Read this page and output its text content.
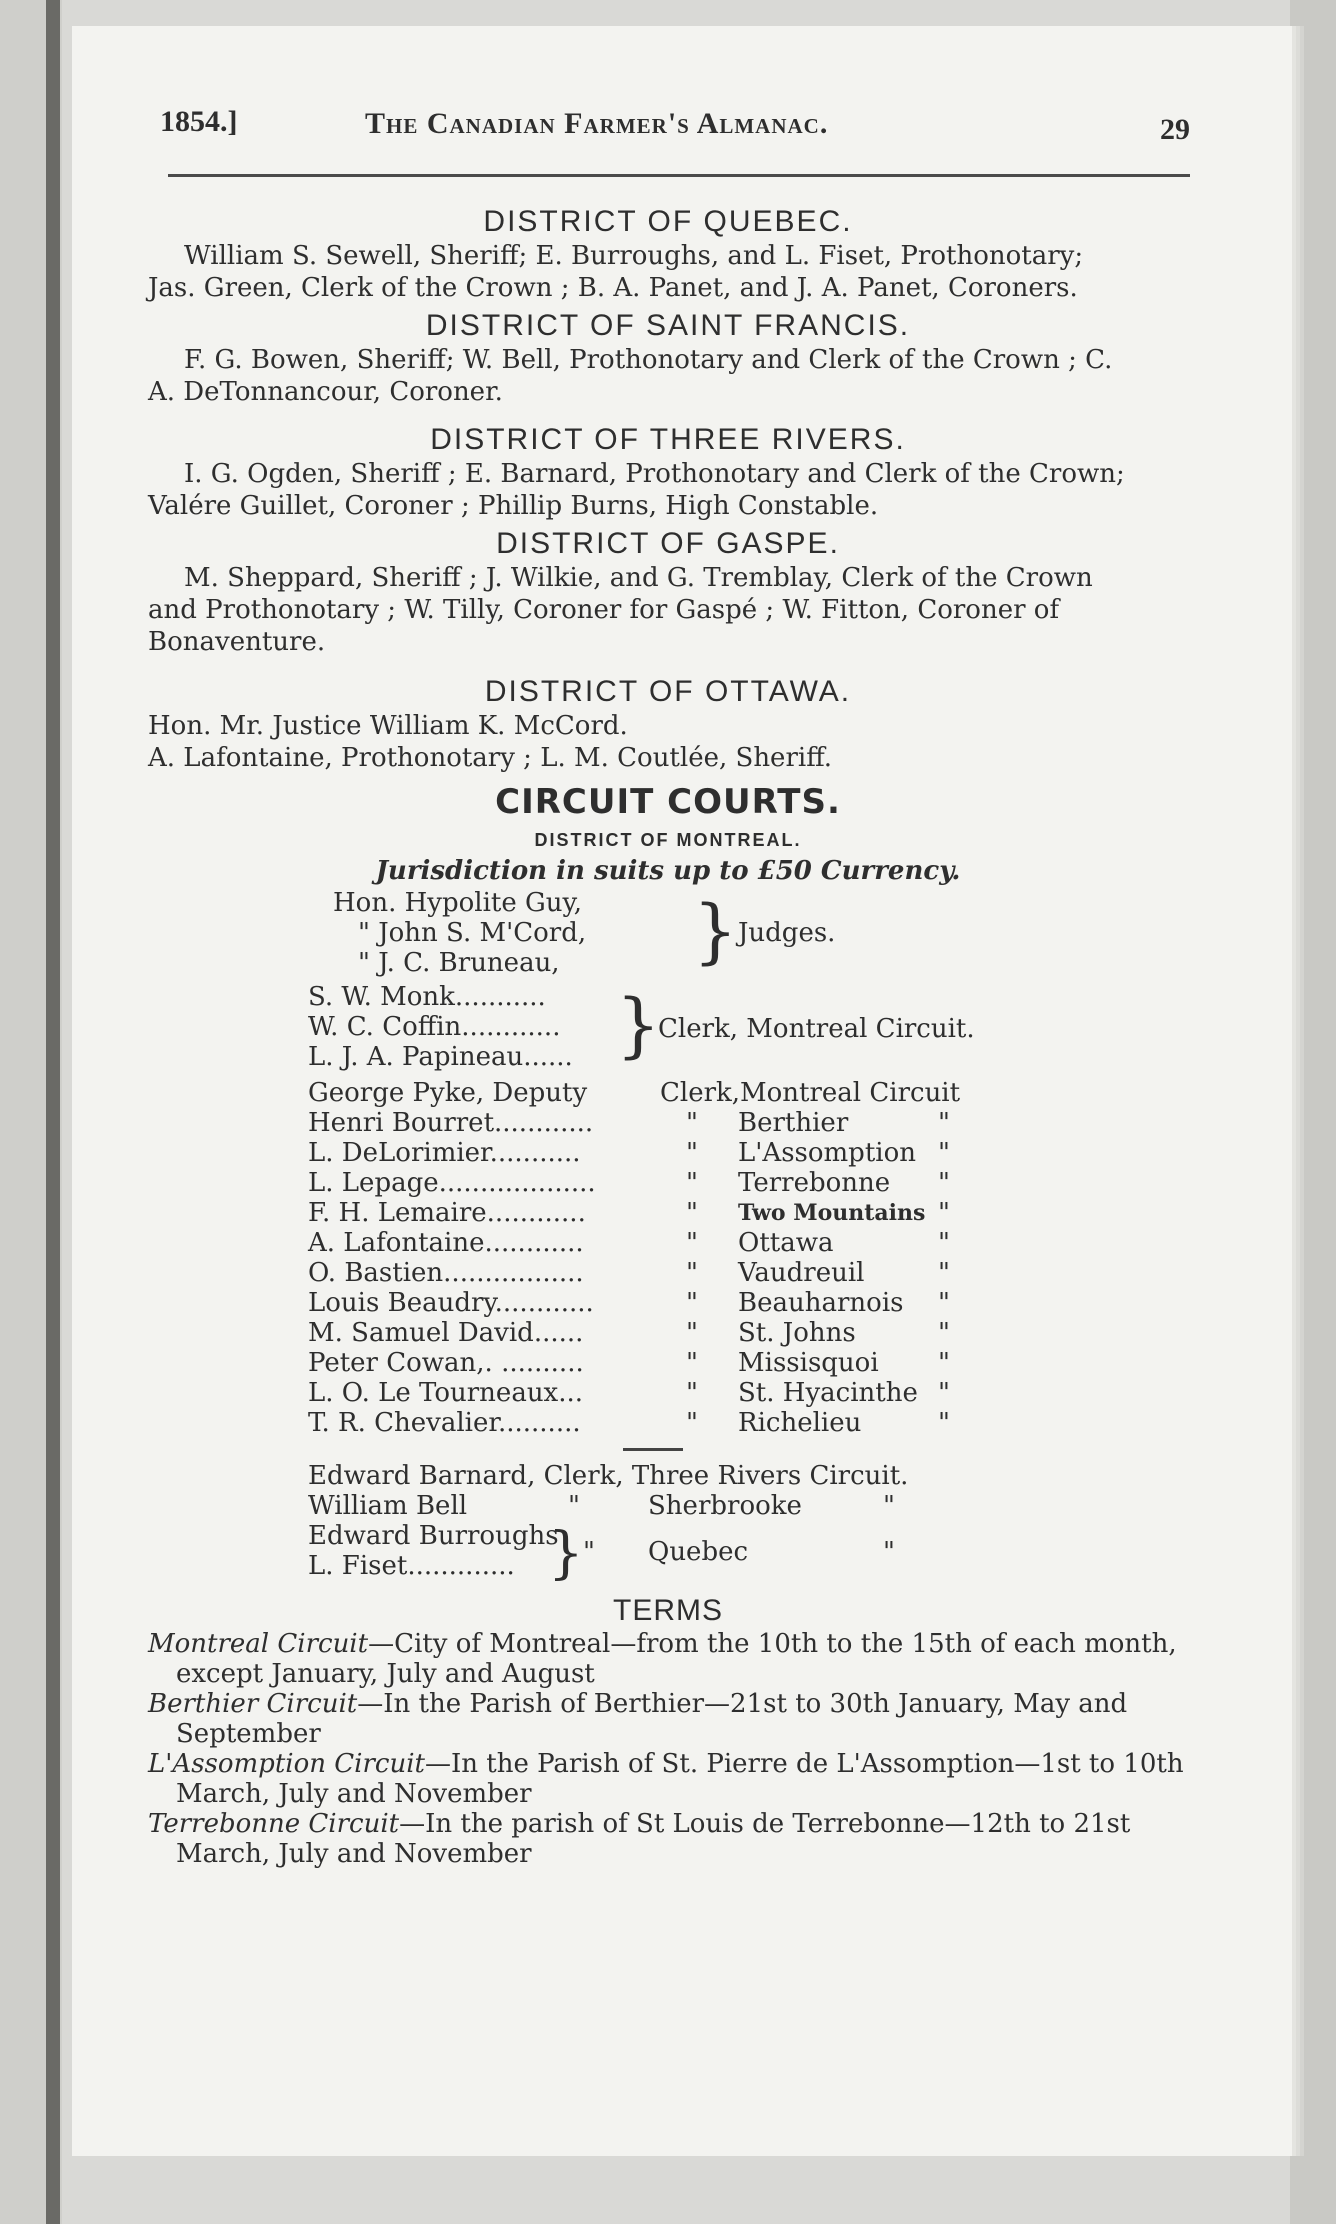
1854.]	The Canadian Farmer's Almanac.	29
DISTRICT OF QUEBEC.

William S. Sewell, Sheriff; E. Burroughs, and L. Fiset, Prothonotary;

Jas. Green, Clerk of the Crown ; B. A. Panet, and J. A. Panet, Coroners.

DISTRICT OF SAINT FRANCIS.

F. G. Bowen, Sheriff; W. Bell, Prothonotary and Clerk of the Crown ; C.

A. DeTonnancour, Coroner.

DISTRICT OF THREE RIVERS.

I. G. Ogden, Sheriff ; E. Barnard, Prothonotary and Clerk of the Crown;

Valére Guillet, Coroner ; Phillip Burns, High Constable.

DISTRICT OF GASPE.

M. Sheppard, Sheriff ; J. Wilkie, and G. Tremblay, Clerk of the Crown

and Prothonotary ; W. Tilly, Coroner for Gaspé ; W. Fitton, Coroner of

Bonaventure.

DISTRICT OF OTTAWA.

Hon. Mr. Justice William K. McCord.

A. Lafontaine, Prothonotary ; L. M. Coutlée, Sheriff.

CIRCUIT COURTS.
DISTRICT OF MONTREAL.
Jurisdiction in suits up to £50 Currency.
Hon. Hypolite Guy,
" John S. M'Cord,
" J. C. Bruneau, } Judges.
S. W. Monk...........
W. C. Coffin............
L. J. A. Papineau...... }
Clerk, Montreal Circuit.
George Pyke, Deputy	Clerk, Montreal Circuit
Henri Bourret............	" Berthier	"
L. DeLorimier...........	" L'Assomption "
L. Lepage...................	" Terrebonne "
F. H. Lemaire............	" Two Mountains "
A. Lafontaine............	" Ottawa	"
O. Bastien.................	" Vaudreuil	"
Louis Beaudry............	" Beauharnois "
M. Samuel David......	" St. Johns	"
Peter Cowan,. ..........	" Missisquoi "
L. O. Le Tourneaux...	" St. Hyacinthe "
T. R. Chevalier..........	" Richelieu	"
Edward Barnard, Clerk, Three Rivers Circuit.
William Bell	"	Sherbrooke	"
Edward Burroughs
L. Fiset............. } " Quebec	"
TERMS

Montreal Circuit—City of Montreal—from the 10th to the 15th of each month, except January, July and August

Berthier Circuit—In the Parish of Berthier—21st to 30th January, May and September

L'Assomption Circuit—In the Parish of St. Pierre de L'Assomption—1st to 10th March, July and November

Terrebonne Circuit—In the parish of St Louis de Terrebonne—12th to 21st March, July and November
